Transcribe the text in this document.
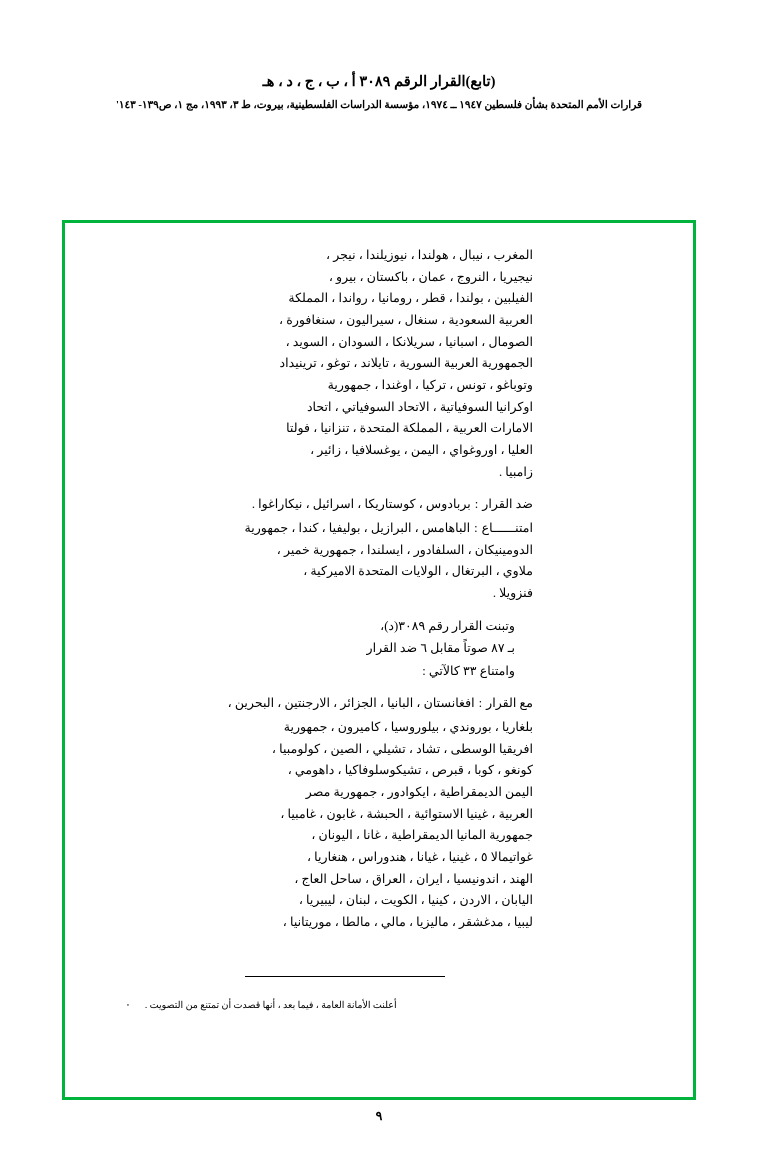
(تابع)القرار الرقم ٣٠٨٩ أ ، ب ، ج ، د ، هـ
قرارات الأمم المتحدة بشأن فلسطين ١٩٤٧ ــ ١٩٧٤، مؤسسة الدراسات الفلسطينية، بيروت، ط ٣، ١٩٩٣، مج ١، ص١٣٩- ١٤٣'
المغرب ، نيبال ، هولندا ، نيوزيلندا ، نيجر ،
نيجيريا ، النروج ، عمان ، باكستان ، بيرو ،
الفيلبين ، بولندا ، قطر ، رومانيا ، رواندا ، المملكة
العربية السعودية ، سنغال ، سيراليون ، سنغافورة ،
الصومال ، اسبانيا ، سريلانكا ، السودان ، السويد ،
الجمهورية العربية السورية ، تايلاند ، توغو ، ترينيداد
وتوباغو ، تونس ، تركيا ، اوغندا ، جمهورية
اوكرانيا السوفياتية ، الاتحاد السوفياتي ، اتحاد
الامارات العربية ، المملكة المتحدة ، تنزانيا ، فولتا
العليا ، اوروغواي ، اليمن ، يوغسلافيا ، زائير ،
زامبيا .
ضد القرار
:
بربادوس ، كوستاريكا ، اسرائيل ، نيكاراغوا .
امتنــــــاع
:
الباهامس ، البرازيل ، بوليفيا ، كندا ، جمهورية
الدومينيكان ، السلفادور ، ايسلندا ، جمهورية خمير ،
ملاوي ، البرتغال ، الولايات المتحدة الاميركية ،
فنزويلا .
وتبنت القرار رقم ٣٠٨٩(د)،
بـ ٨٧ صوتاً مقابل ٦ ضد القرار
وامتناع ٣٣ كالآتي :
مع القرار
:
افغانستان ، البانيا ، الجزائر ، الارجنتين ، البحرين ،
بلغاريا ، بوروندي ، بيلوروسيا ، كاميرون ، جمهورية
افريقيا الوسطى ، تشاد ، تشيلي ، الصين ، كولومبيا ،
كونغو ، كوبا ، قبرص ، تشيكوسلوفاكيا ، داهومي ،
اليمن الديمقراطية ، ايكوادور ، جمهورية مصر
العربية ، غينيا الاستوائية ، الحبشة ، غابون ، غامبيا ،
جمهورية المانيا الديمقراطية ، غانا ، اليونان ،
غواتيمالا ٥ ، غينيا ، غيانا ، هندوراس ، هنغاريا ،
الهند ، اندونيسيا ، ايران ، العراق ، ساحل العاج ،
اليابان ، الاردن ، كينيا ، الكويت ، لبنان ، ليبيريا ،
ليبيا ، مدغشقر ، ماليزيا ، مالي ، مالطا ، موريتانيا ،
أعلنت الأمانة العامة ، فيما بعد ، أنها قصدت أن تمتنع من التصويت .
٠
٩
